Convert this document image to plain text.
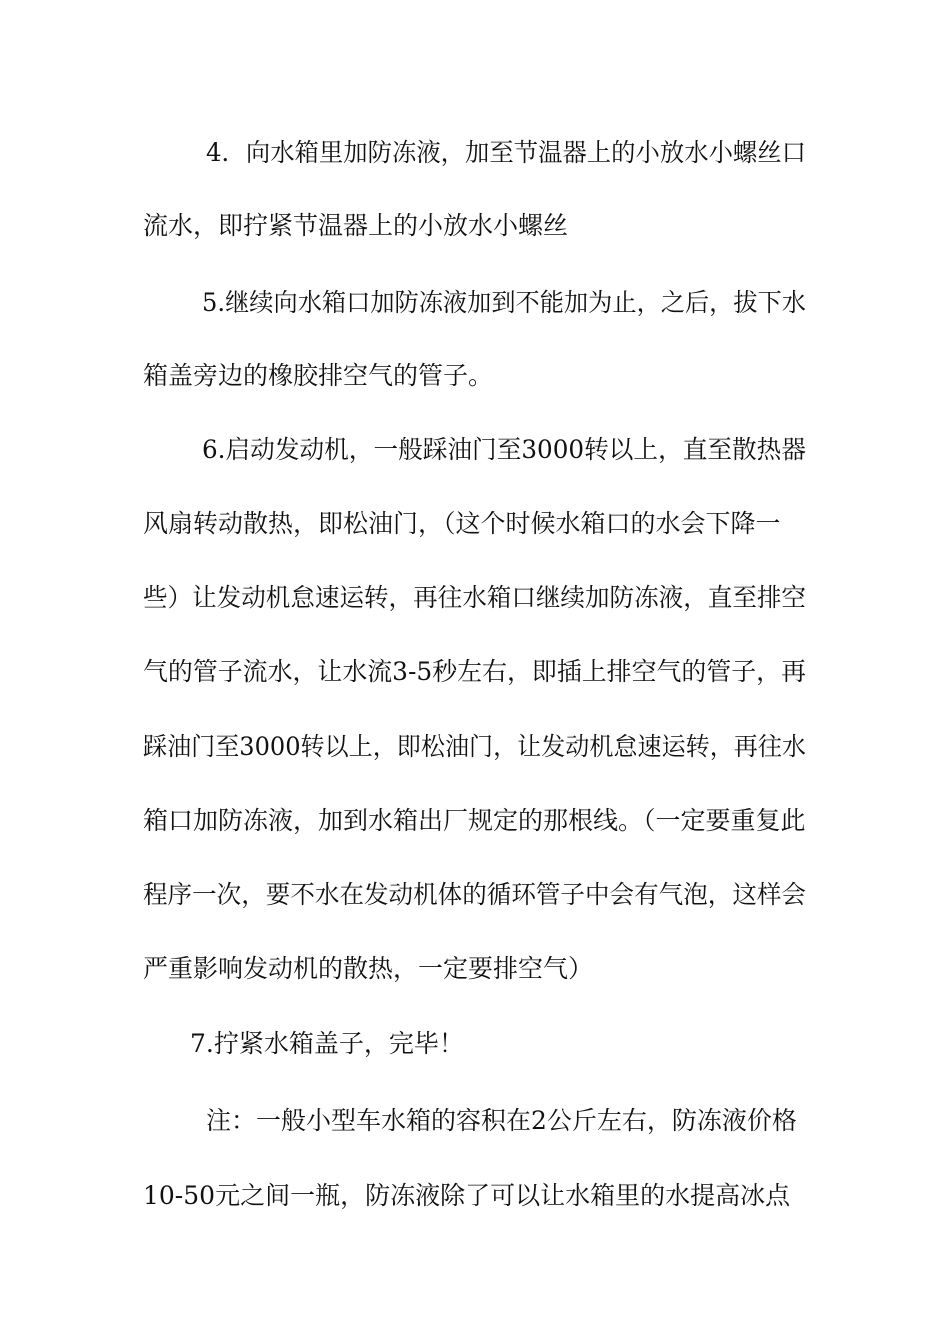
4．向水箱里加防冻液，加至节温器上的小放水小螺丝口
流水，即拧紧节温器上的小放水小螺丝
5.继续向水箱口加防冻液加到不能加为止，之后，拔下水
箱盖旁边的橡胶排空气的管子。
6.启动发动机，一般踩油门至3000转以上，直至散热器
风扇转动散热，即松油门，（这个时候水箱口的水会下降一
些）让发动机怠速运转，再往水箱口继续加防冻液，直至排空
气的管子流水，让水流3-5秒左右，即插上排空气的管子，再
踩油门至3000转以上，即松油门，让发动机怠速运转，再往水
箱口加防冻液，加到水箱出厂规定的那根线。（一定要重复此
程序一次，要不水在发动机体的循环管子中会有气泡，这样会
严重影响发动机的散热，一定要排空气）
7.拧紧水箱盖子，完毕！
注：一般小型车水箱的容积在2公斤左右，防冻液价格
10-50元之间一瓶，防冻液除了可以让水箱里的水提高冰点
